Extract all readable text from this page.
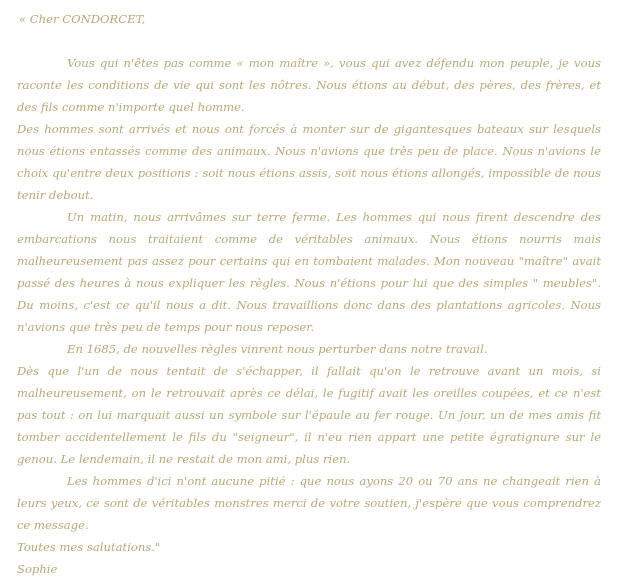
« Cher CONDORCET,

Vous qui n'êtes pas comme « mon maître », vous qui avez défendu mon peuple, je vous raconte les conditions de vie qui sont les nôtres. Nous étions au début, des pères, des frères, et des fils comme n'importe quel homme.

Des hommes sont arrivés et nous ont forcés à monter sur de gigantesques bateaux sur lesquels nous étions entassés comme des animaux. Nous n'avions que très peu de place. Nous n'avions le choix qu'entre deux positions : soit nous étions assis, soit nous étions allongés, impossible de nous tenir debout.

Un matin, nous arrivâmes sur terre ferme. Les hommes qui nous firent descendre des embarcations nous traitaient comme de véritables animaux. Nous étions nourris mais malheureusement pas assez pour certains qui en tombaient malades. Mon nouveau "maître" avait passé des heures à nous expliquer les règles. Nous n'étions pour lui que des simples " meubles". Du moins, c'est ce qu'il nous a dit. Nous travaillions donc dans des plantations agricoles. Nous n'avions que très peu de temps pour nous reposer.

En 1685, de nouvelles règles vinrent nous perturber dans notre travail.

Dès que l'un de nous tentait de s'échapper, il fallait qu'on le retrouve avant un mois, si malheureusement, on le retrouvait après ce délai, le fugitif avait les oreilles coupées, et ce n'est pas tout : on lui marquait aussi un symbole sur l'épaule au fer rouge. Un jour, un de mes amis fit tomber accidentellement le fils du "seigneur", il n'eu rien appart une petite égratignure sur le genou. Le lendemain, il ne restait de mon ami, plus rien.

Les hommes d'ici n'ont aucune pitié : que nous ayons 20 ou 70 ans ne changeait rien à leurs yeux, ce sont de véritables monstres merci de votre soutien, j'espère que vous comprendrez ce message.

Toutes mes salutations."

Sophie
